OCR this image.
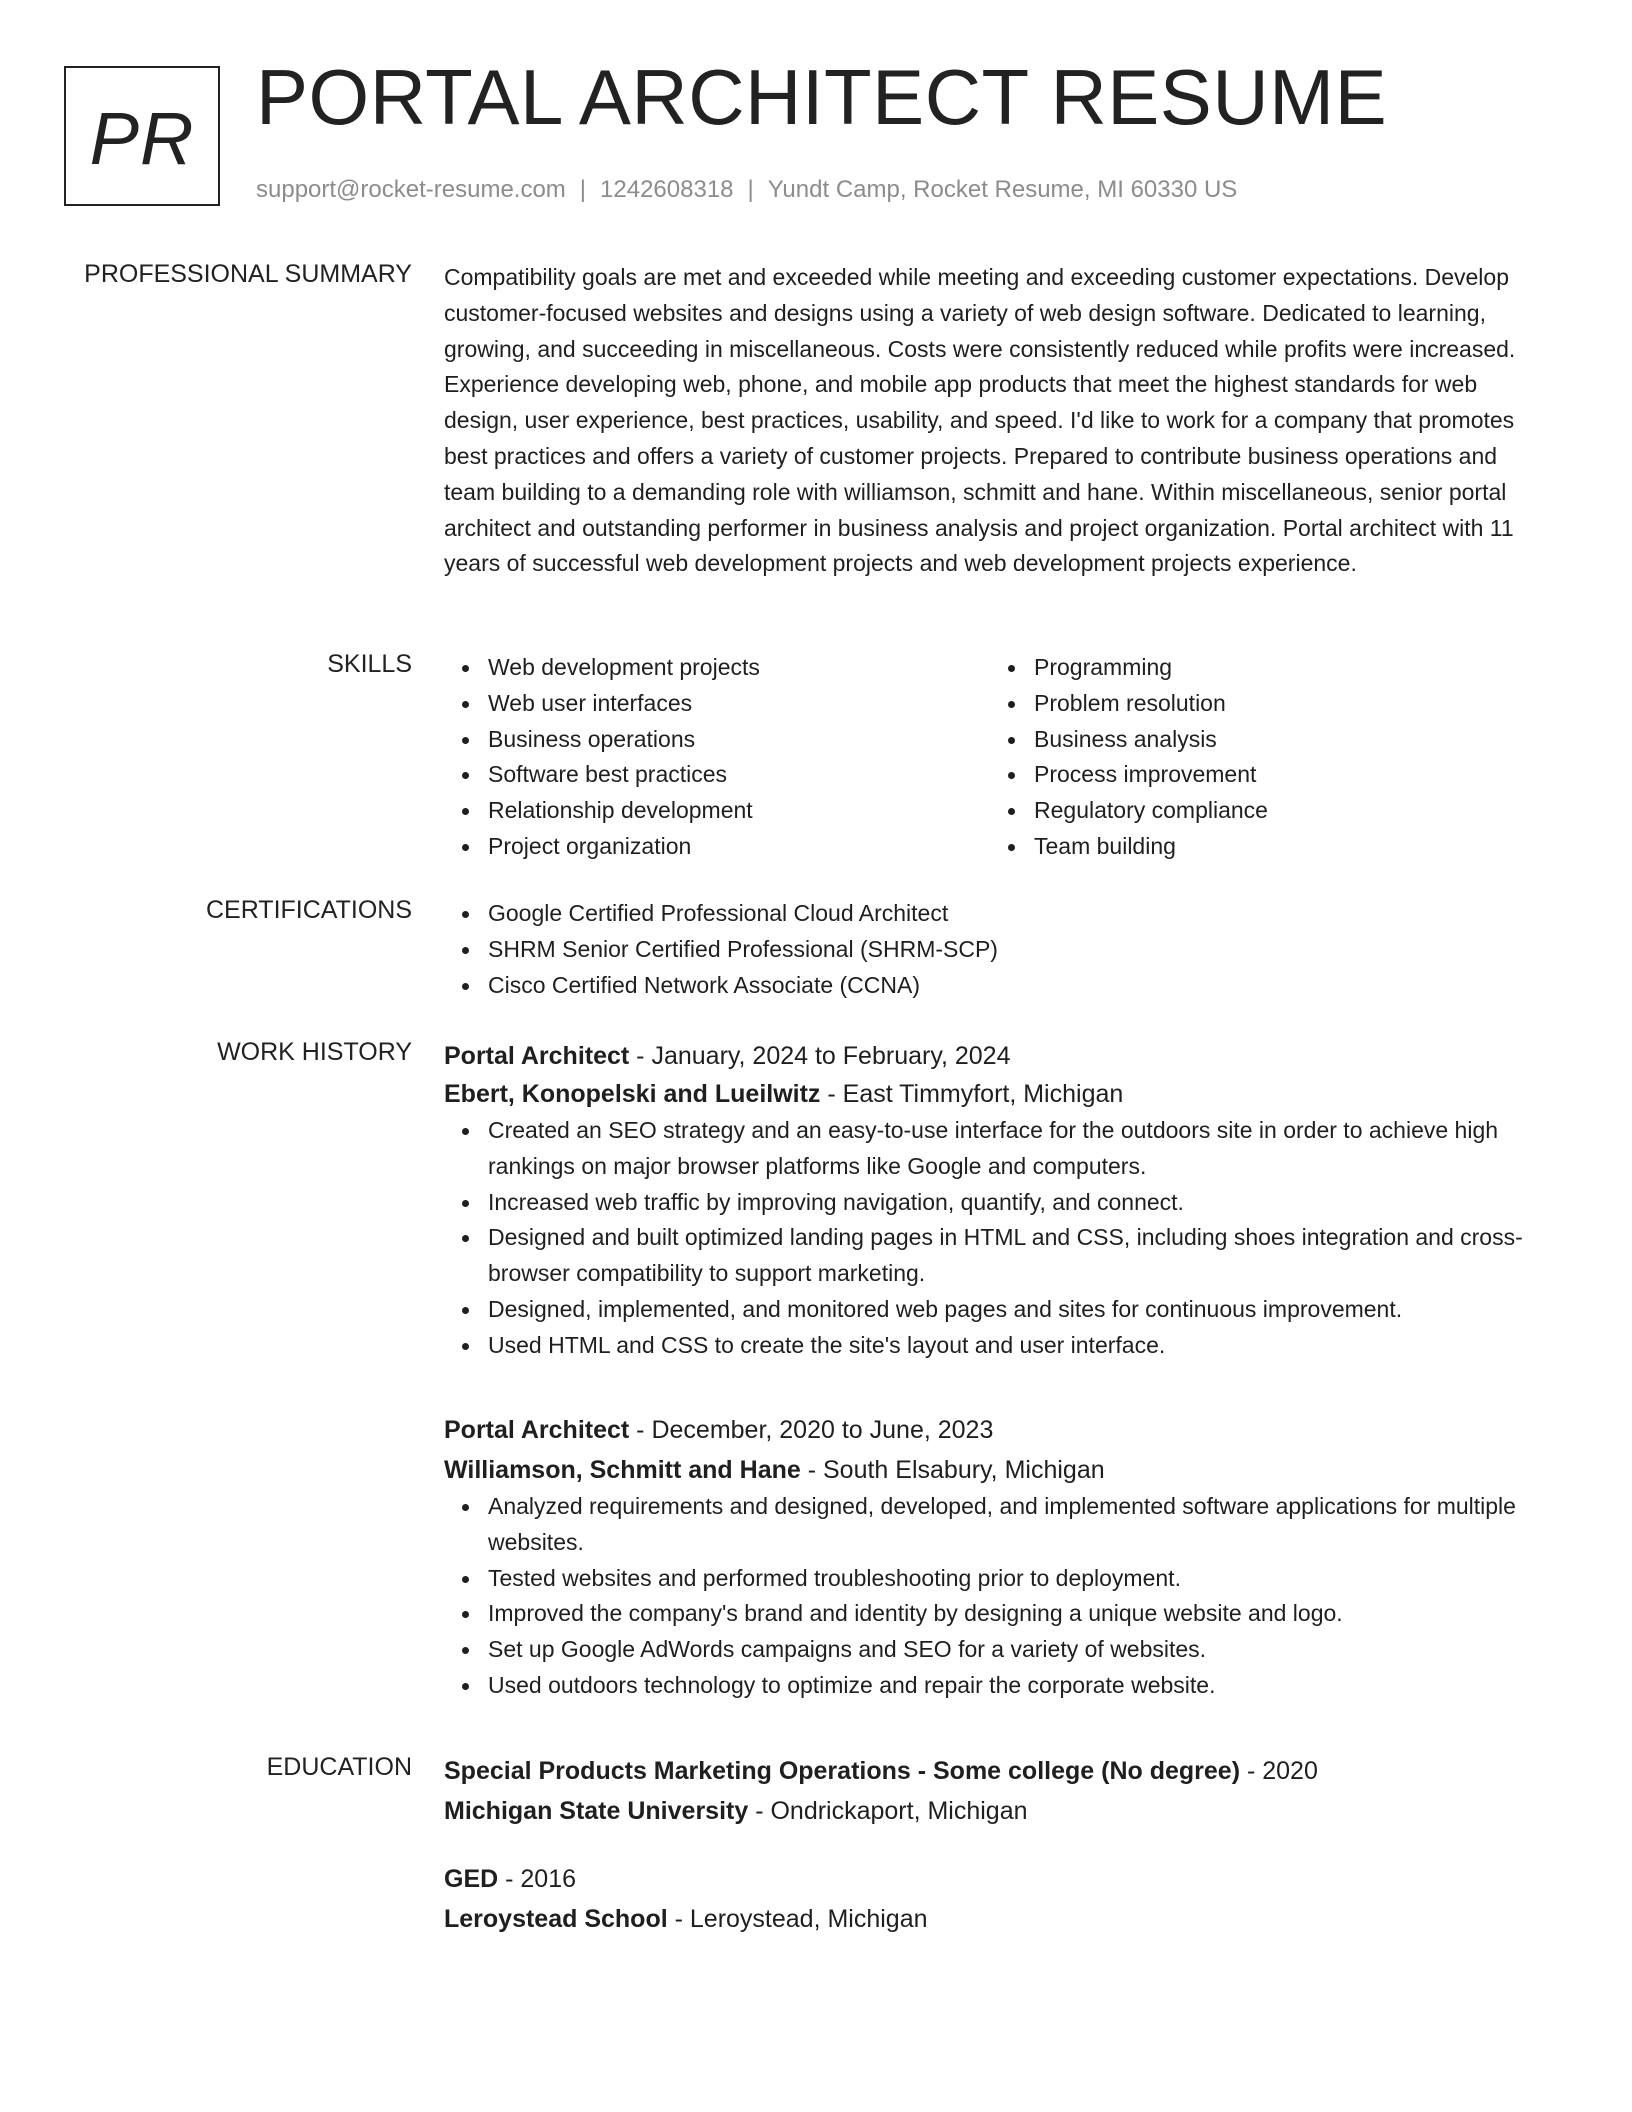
PR PORTAL ARCHITECT RESUME
support@rocket-resume.com | 1242608318 | Yundt Camp, Rocket Resume, MI 60330 US
PROFESSIONAL SUMMARY Compatibility goals are met and exceeded while meeting and exceeding customer expectations. Develop customer-focused websites and designs using a variety of web design software. Dedicated to learning, growing, and succeeding in miscellaneous. Costs were consistently reduced while profits were increased. Experience developing web, phone, and mobile app products that meet the highest standards for web design, user experience, best practices, usability, and speed. I'd like to work for a company that promotes best practices and offers a variety of customer projects. Prepared to contribute business operations and team building to a demanding role with williamson, schmitt and hane. Within miscellaneous, senior portal architect and outstanding performer in business analysis and project organization. Portal architect with 11 years of successful web development projects and web development projects experience.

SKILLS	Web development projects
Web user interfaces
Business operations
Software best practices
Relationship development
Project organization
Programming
Problem resolution
Business analysis
Process improvement
Regulatory compliance
Team building
CERTIFICATIONS	Google Certified Professional Cloud Architect
SHRM Senior Certified Professional (SHRM-SCP)
Cisco Certified Network Associate (CCNA)
WORK HISTORY Portal Architect - January, 2024 to February, 2024
Ebert, Konopelski and Lueilwitz - East Timmyfort, Michigan
Created an SEO strategy and an easy-to-use interface for the outdoors site in order to achieve high rankings on major browser platforms like Google and computers.
Increased web traffic by improving navigation, quantify, and connect.
Designed and built optimized landing pages in HTML and CSS, including shoes integration and cross-browser compatibility to support marketing.
Designed, implemented, and monitored web pages and sites for continuous improvement.
Used HTML and CSS to create the site's layout and user interface.
Portal Architect - December, 2020 to June, 2023
Williamson, Schmitt and Hane - South Elsabury, Michigan
Analyzed requirements and designed, developed, and implemented software applications for multiple websites.
Tested websites and performed troubleshooting prior to deployment.
Improved the company's brand and identity by designing a unique website and logo.
Set up Google AdWords campaigns and SEO for a variety of websites.
Used outdoors technology to optimize and repair the corporate website.
EDUCATION Special Products Marketing Operations - Some college (No degree) - 2020
Michigan State University - Ondrickaport, Michigan
GED - 2016
Leroystead School - Leroystead, Michigan
